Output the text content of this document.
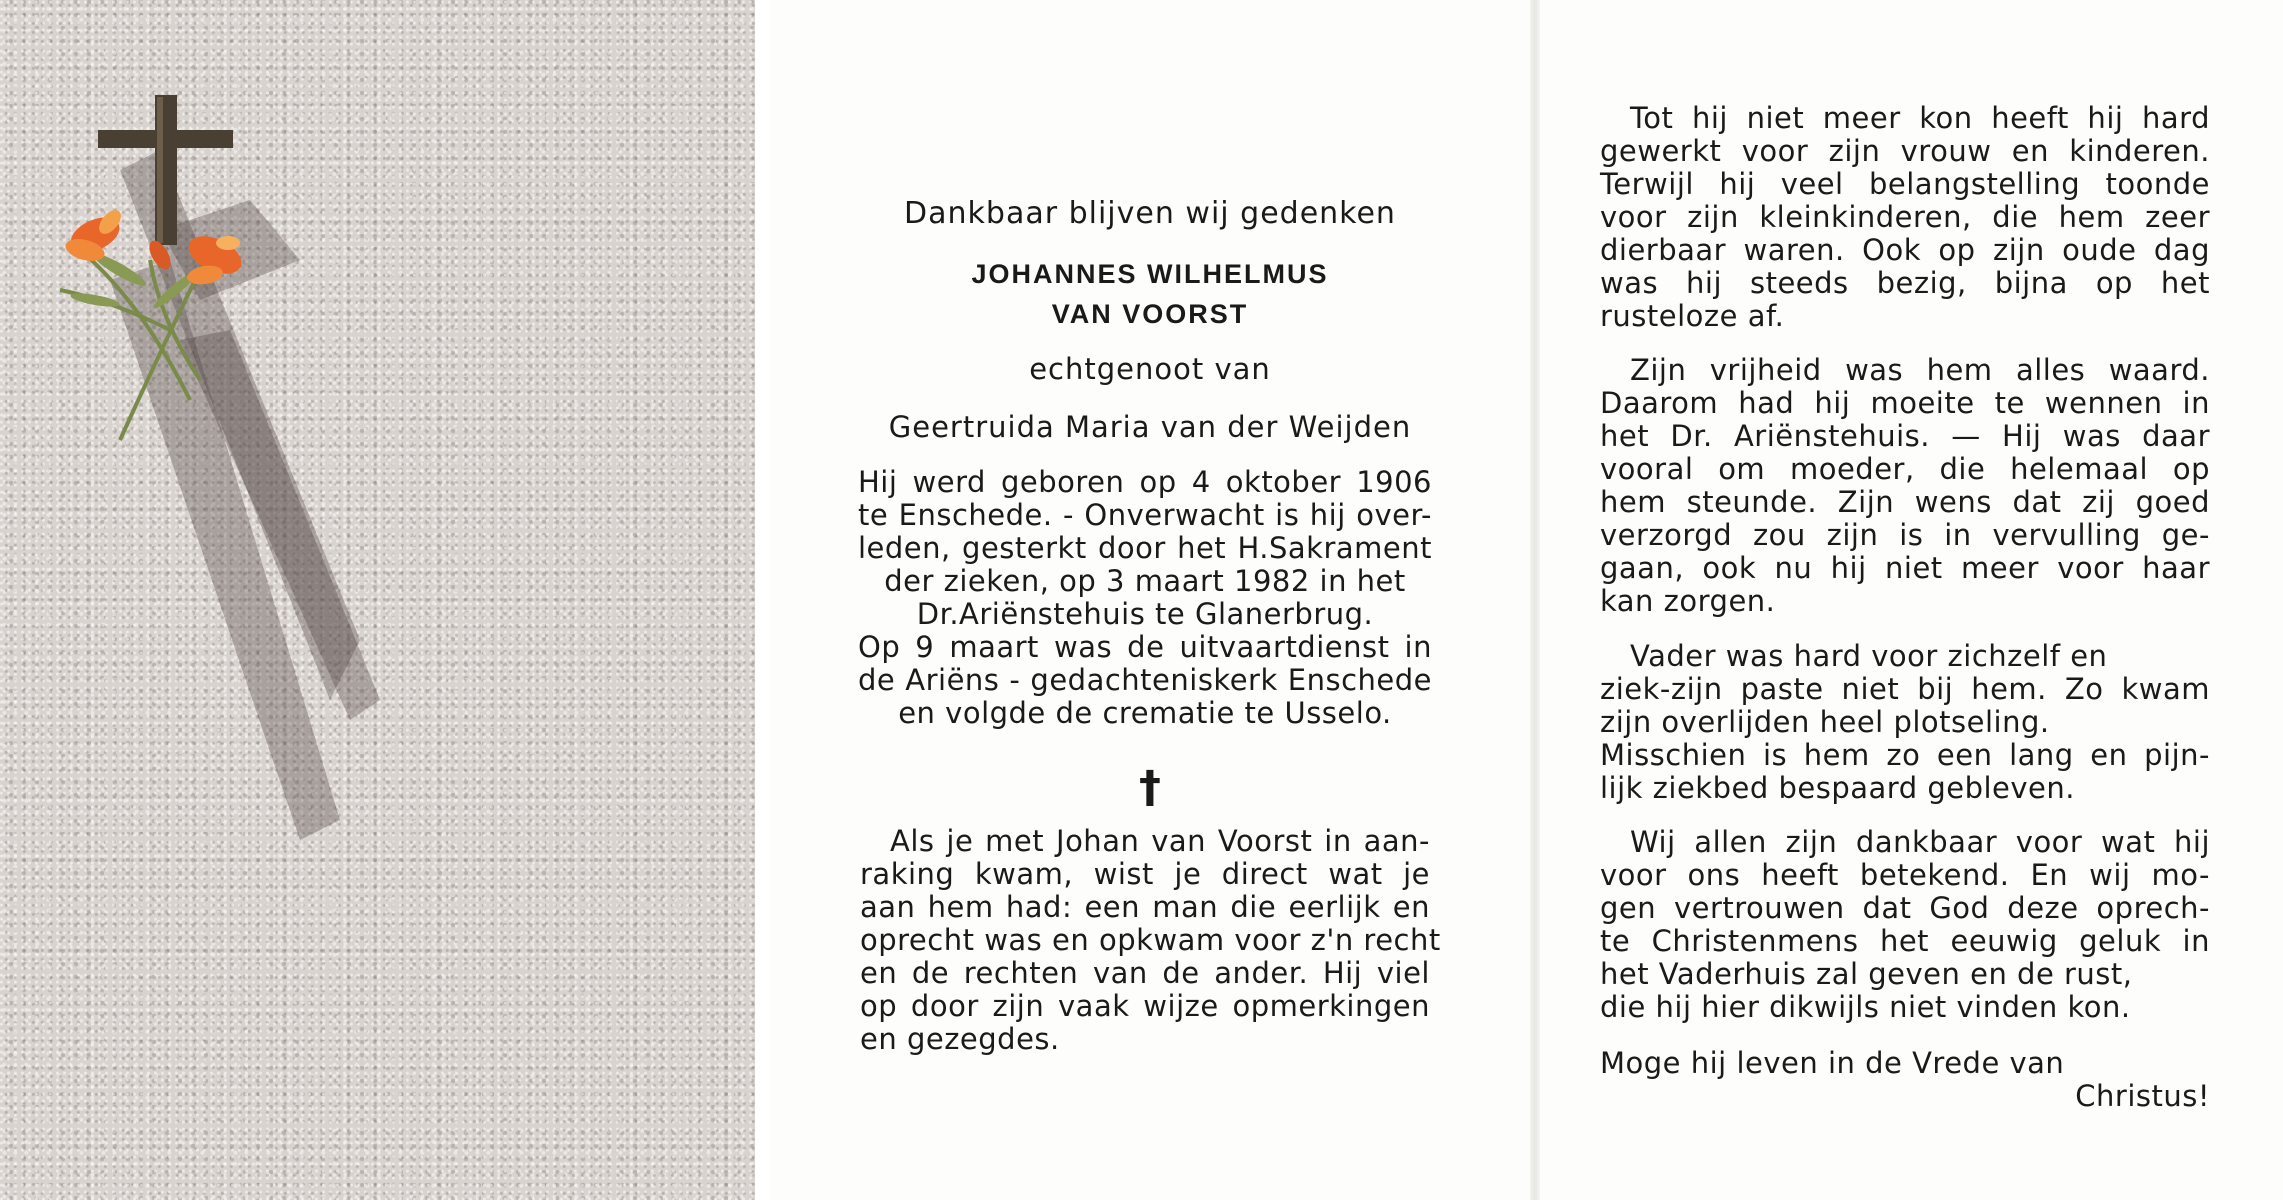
Dankbaar blijven wij gedenken
JOHANNES WILHELMUS
VAN VOORST
echtgenoot van
Geertruida Maria van der Weijden
Hij werd geboren op 4 oktober 1906
te Enschede. - Onverwacht is hij over-
leden, gesterkt door het H.Sakrament
der zieken, op 3 maart 1982 in het
Dr.Ariënstehuis te Glanerbrug.
Op 9 maart was de uitvaartdienst in
de Ariëns - gedachteniskerk Enschede
en volgde de crematie te Usselo.
†
Als je met Johan van Voorst in aan-
raking kwam, wist je direct wat je
aan hem had: een man die eerlijk en
oprecht was en opkwam voor z'n recht
en de rechten van de ander. Hij viel
op door zijn vaak wijze opmerkingen
en gezegdes.
Tot hij niet meer kon heeft hij hard
gewerkt voor zijn vrouw en kinderen.
Terwijl hij veel belangstelling toonde
voor zijn kleinkinderen, die hem zeer
dierbaar waren. Ook op zijn oude dag
was hij steeds bezig, bijna op het
rusteloze af.
Zijn vrijheid was hem alles waard.
Daarom had hij moeite te wennen in
het Dr. Ariënstehuis. — Hij was daar
vooral om moeder, die helemaal op
hem steunde. Zijn wens dat zij goed
verzorgd zou zijn is in vervulling ge-
gaan, ook nu hij niet meer voor haar
kan zorgen.
Vader was hard voor zichzelf en
ziek-zijn paste niet bij hem. Zo kwam
zijn overlijden heel plotseling.
Misschien is hem zo een lang en pijn-
lijk ziekbed bespaard gebleven.
Wij allen zijn dankbaar voor wat hij
voor ons heeft betekend. En wij mo-
gen vertrouwen dat God deze oprech-
te Christenmens het eeuwig geluk in
het Vaderhuis zal geven en de rust,
die hij hier dikwijls niet vinden kon.
Moge hij leven in de Vrede van
Christus!
